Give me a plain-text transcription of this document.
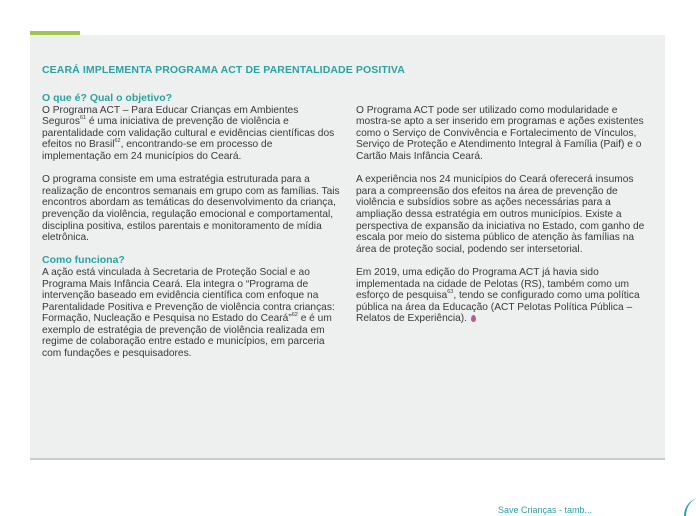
CEARÁ IMPLEMENTA PROGRAMA ACT DE PARENTALIDADE POSITIVA
O que é? Qual o objetivo?

O Programa ACT – Para Educar Crianças em Ambientes Seguros$^{61}$ é uma iniciativa de prevenção de violência e parentalidade com validação cultural e evidências científicas dos efeitos no Brasil$^{62}$, encontrando-se em processo de implementação em 24 municípios do Ceará.

O programa consiste em uma estratégia estruturada para a realização de encontros semanais em grupo com as famílias. Tais encontros abordam as temáticas do desenvolvimento da criança, prevenção da violência, regulação emocional e comportamental, disciplina positiva, estilos parentais e monitoramento de mídia eletrônica.

Como funciona?

A ação está vinculada à Secretaria de Proteção Social e ao Programa Mais Infância Ceará. Ela integra o “Programa de intervenção baseado em evidência científica com enfoque na Parentalidade Positiva e Prevenção de violência contra crianças: Formação, Nucleação e Pesquisa no Estado do Ceará”$^{62}$ e é um exemplo de estratégia de prevenção de violência realizada em regime de colaboração entre estado e municípios, em parceria com fundações e pesquisadores.

O Programa ACT pode ser utilizado como modularidade e mostra-se apto a ser inserido em programas e ações existentes como o Serviço de Convivência e Fortalecimento de Vínculos, Serviço de Proteção e Atendimento Integral à Família (Paif) e o Cartão Mais Infância Ceará.

A experiência nos 24 municípios do Ceará oferecerá insumos para a compreensão dos efeitos na área de prevenção de violência e subsídios sobre as ações necessárias para a ampliação dessa estratégia em outros municípios. Existe a perspectiva de expansão da iniciativa no Estado, com ganho de escala por meio do sistema público de atenção às famílias na área de proteção social, podendo ser intersetorial.

Em 2019, uma edição do Programa ACT já havia sido implementada na cidade de Pelotas (RS), também como um esforço de pesquisa$^{63}$, tendo se configurado como uma política pública na área da Educação (ACT Pelotas Política Pública – Relatos de Experiência).

Save Crianças - tamb...
